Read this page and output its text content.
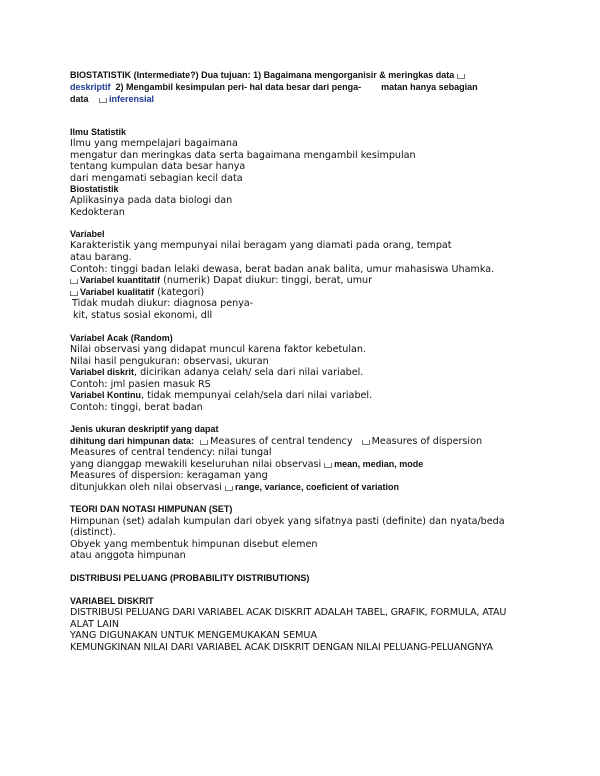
BIOSTATISTIK (Intermediate?) Dua tujuan: 1) Bagaimana mengorganisir & meringkas data
deskriptif 2) Mengambil kesimpulan peri- hal data besar dari penga- matan hanya sebagian
data inferensial
Ilmu Statistik
Ilmu yang mempelajari bagaimana
mengatur dan meringkas data serta bagaimana mengambil kesimpulan
tentang kumpulan data besar hanya
dari mengamati sebagian kecil data
Biostatistik
Aplikasinya pada data biologi dan
Kedokteran
Variabel
Karakteristik yang mempunyai nilai beragam yang diamati pada orang, tempat
atau barang.
Contoh: tinggi badan lelaki dewasa, berat badan anak balita, umur mahasiswa Uhamka.
Variabel kuantitatif (numerik) Dapat diukur: tinggi, berat, umur
Variabel kualitatif (kategori)
Tidak mudah diukur: diagnosa penya-
kit, status sosial ekonomi, dll
Variabel Acak (Random)
Nilai observasi yang didapat muncul karena faktor kebetulan.
Nilai hasil pengukuran: observasi, ukuran
Variabel diskrit, dicirikan adanya celah/ sela dari nilai variabel.
Contoh: jml pasien masuk RS
Variabel Kontinu, tidak mempunyai celah/sela dari nilai variabel.
Contoh: tinggi, berat badan
Jenis ukuran deskriptif yang dapat
dihitung dari himpunan data: Measures of central tendency Measures of dispersion
Measures of central tendency: nilai tungal
yang dianggap mewakili keseluruhan nilai observasi mean, median, mode
Measures of dispersion: keragaman yang
ditunjukkan oleh nilai observasi range, variance, coeficient of variation
TEORI DAN NOTASI HIMPUNAN (SET)
Himpunan (set) adalah kumpulan dari obyek yang sifatnya pasti (definite) dan nyata/beda
(distinct).
Obyek yang membentuk himpunan disebut elemen
atau anggota himpunan
DISTRIBUSI PELUANG (PROBABILITY DISTRIBUTIONS)
VARIABEL DISKRIT
DISTRIBUSI PELUANG DARI VARIABEL ACAK DISKRIT ADALAH TABEL, GRAFIK, FORMULA, ATAU
ALAT LAIN
YANG DIGUNAKAN UNTUK MENGEMUKAKAN SEMUA
KEMUNGKINAN NILAI DARI VARIABEL ACAK DISKRIT DENGAN NILAI PELUANG-PELUANGNYA
